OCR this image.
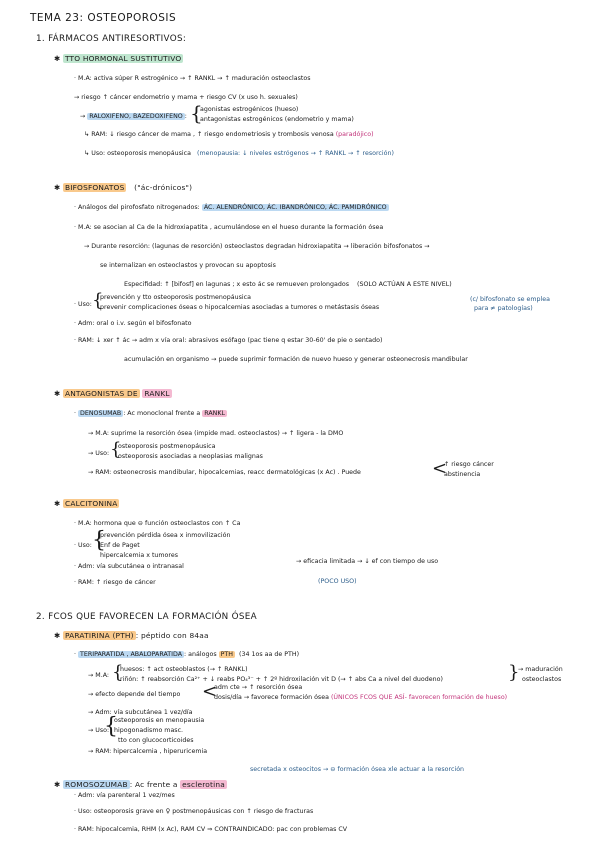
TEMA 23: OSTEOPOROSIS
1. FÁRMACOS ANTIRESORTIVOS:
✱ TTO HORMONAL SUSTITUTIVO
· M.A: activa súper R estrogénico → ↑ RANKL → ↑ maduración osteoclastos
→ riesgo ↑ cáncer endometrio y mama + riesgo CV (x uso h. sexuales)
→ RALOXIFENO, BAZEDOXIFENO : {
agonistas estrogénicos (hueso)
antagonistas estrogénicos (endometrio y mama)
↳ RAM: ↓ riesgo cáncer de mama , ↑ riesgo endometriosis y trombosis venosa (paradójico)
↳ Uso: osteoporosis menopáusica (menopausia: ↓ niveles estrógenos → ↑ RANKL → ↑ resorción)
✱ BIFOSFONATOS ("ác-drónicos")
· Análogos del pirofosfato nitrogenados: ÁC. ALENDRÓNICO, ÁC. IBANDRÓNICO, ÁC. PAMIDRÓNICO
· M.A: se asocian al Ca de la hidroxiapatita , acumulándose en el hueso durante la formación ósea
→ Durante resorción: (lagunas de resorción) osteoclastos degradan hidroxiapatita → liberación bifosfonatos →
se internalizan en osteoclastos y provocan su apoptosis
Especifidad: ↑ [bifosf] en lagunas ; x esto ác se remueven prolongados (SOLO ACTÚAN A ESTE NIVEL)
· Uso: {
prevención y tto osteoporosis postmenopáusica
prevenir complicaciones óseas o hipocalcemias asociadas a tumores o metástasis óseas
(c/ bifosfonato se emplea
para ≠ patologías)
· Adm: oral o i.v. según el bifosfonato
· RAM: ↓ xer ↑ ác → adm x vía oral: abrasivos esófago (pac tiene q estar 30-60' de pie o sentado)
acumulación en organismo → puede suprimir formación de nuevo hueso y generar osteonecrosis mandibular
✱ ANTAGONISTAS DE RANKL
· DENOSUMAB : Ac monoclonal frente a RANKL
→ M.A: suprime la resorción ósea (impide mad. osteoclastos) → ↑ ligera - la DMO
→ Uso: {
osteoporosis postmenopáusica
osteoporosis asociadas a neoplasias malignas
→ RAM: osteonecrosis mandibular, hipocalcemias, reacc dermatológicas (x Ac) . Puede	<
↑ riesgo cáncer
abstinencia
✱ CALCITONINA
· M.A: hormona que ⊖ función osteoclastos con ↑ Ca
· Uso: {
prevención pérdida ósea x inmovilización
Enf de Paget
hipercalcemia x tumores
· Adm: vía subcutánea o intranasal
→ eficacia limitada → ↓ ef con tiempo de uso
· RAM: ↑ riesgo de cáncer	(POCO USO)
2. FCOS QUE FAVORECEN LA FORMACIÓN ÓSEA
✱ PARATIRINA (PTH) : péptido con 84aa
· TERIPARATIDA , ABALOPARATIDA : análogos PTH (34 1os aa de PTH)
→ M.A: {
huesos: ↑ act osteoblastos (→ ↑ RANKL)
riñón: ↑ reabsorción Ca²⁺ + ↓ reabs PO₄³⁻ + ↑ 2º hidroxilación vit D (→ ↑ abs Ca a nivel del duodeno)	}
→ maduración
osteoclastos
→ efecto depende del tiempo <
adm cte → ↑ resorción ósea
dosis/día → favorece formación ósea (ÚNICOS FCOS QUE ASÍ- favorecen formación de hueso)
→ Adm: vía subcutánea 1 vez/día
→ Uso:
{
osteoporosis en menopausia
hipogonadismo masc.
tto con glucocorticoides
→ RAM: hipercalcemia , hiperuricemia
secretada x osteocitos → ⊖ formación ósea xle actuar a la resorción
✱ ROMOSOZUMAB : Ac frente a esclerotina
· Adm: vía parenteral 1 vez/mes
· Uso: osteoporosis grave en ♀ postmenopáusicas con ↑ riesgo de fracturas
· RAM: hipocalcemia, RHM (x Ac), RAM CV ⇒ CONTRAINDICADO: pac con problemas CV
